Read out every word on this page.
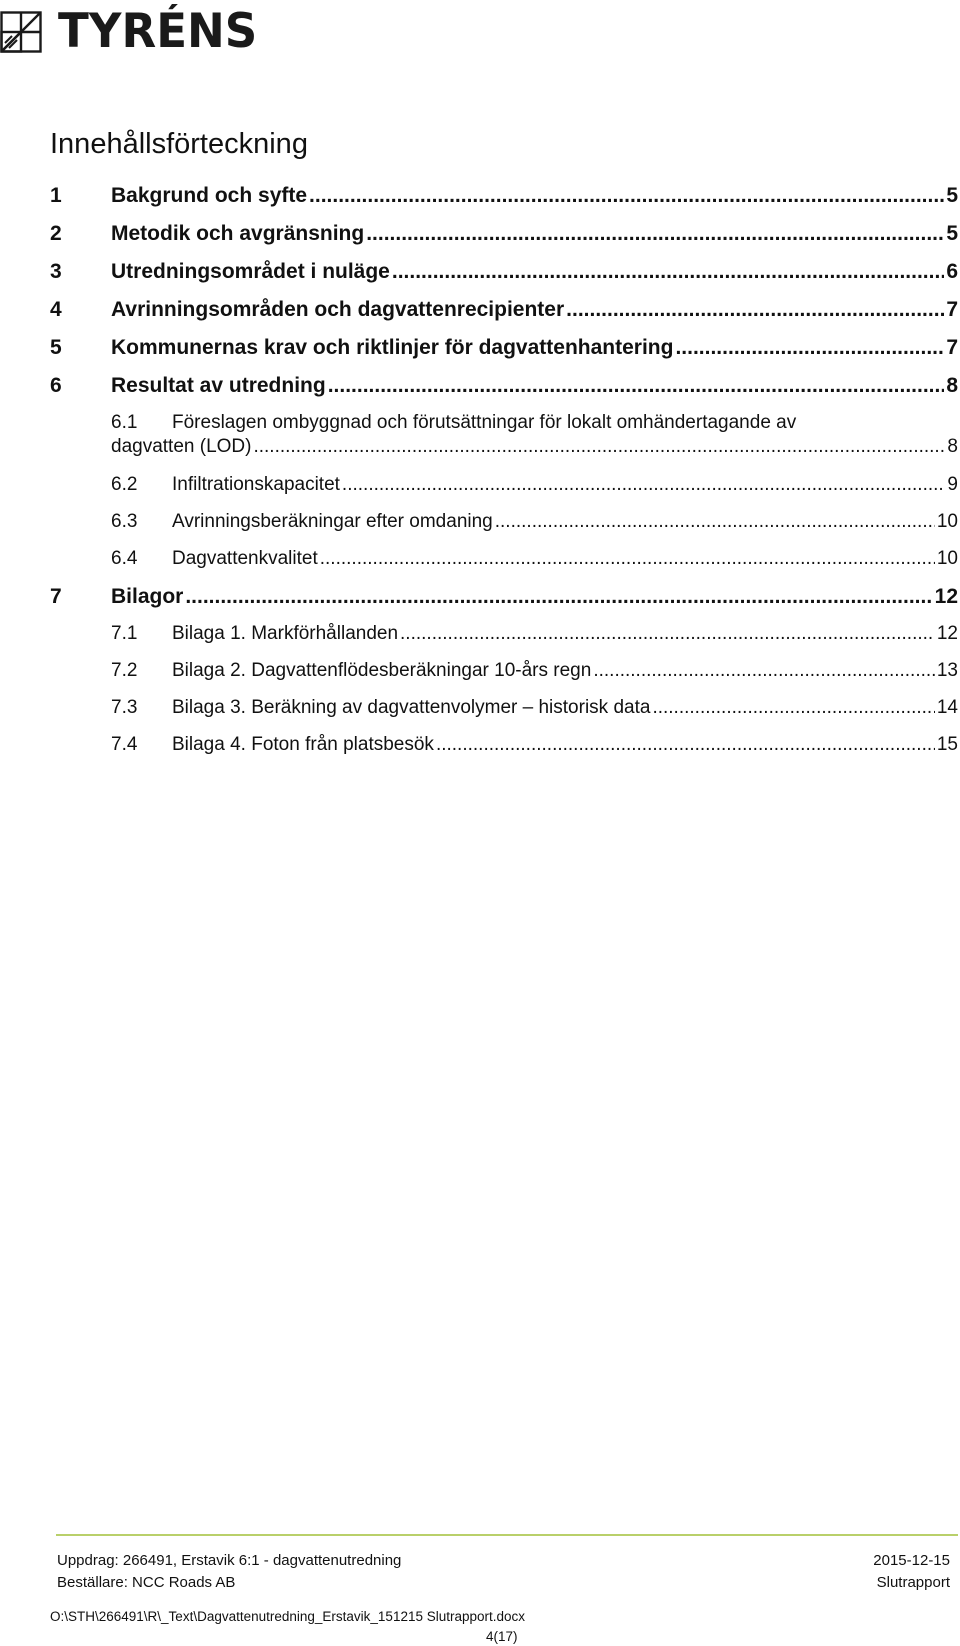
TYRÉNS
Innehållsförteckning
1	Bakgrund och syfte .....	5
2	Metodik och avgränsning .....	5
3	Utredningsområdet i nuläge .....	6
4	Avrinningsområden och dagvattenrecipienter .....	7
5	Kommunernas krav och riktlinjer för dagvattenhantering .....	7
6	Resultat av utredning .....	8
6.1	Föreslagen ombyggnad och förutsättningar för lokalt omhändertagande av
dagvatten (LOD) .....	8
6.2	Infiltrationskapacitet .....	9
6.3	Avrinningsberäkningar efter omdaning .....	10
6.4	Dagvattenkvalitet .....	10
7	Bilagor .....	12
7.1	Bilaga 1. Markförhållanden .....	12
7.2	Bilaga 2. Dagvattenflödesberäkningar 10-års regn .....	13
7.3	Bilaga 3. Beräkning av dagvattenvolymer – historisk data .....	14
7.4	Bilaga 4. Foton från platsbesök .....	15
Uppdrag: 266491, Erstavik 6:1 - dagvattenutredning
Beställare: NCC Roads AB
2015-12-15
Slutrapport
O:\STH\266491\R\_Text\Dagvattenutredning_Erstavik_151215 Slutrapport.docx
4(17)
